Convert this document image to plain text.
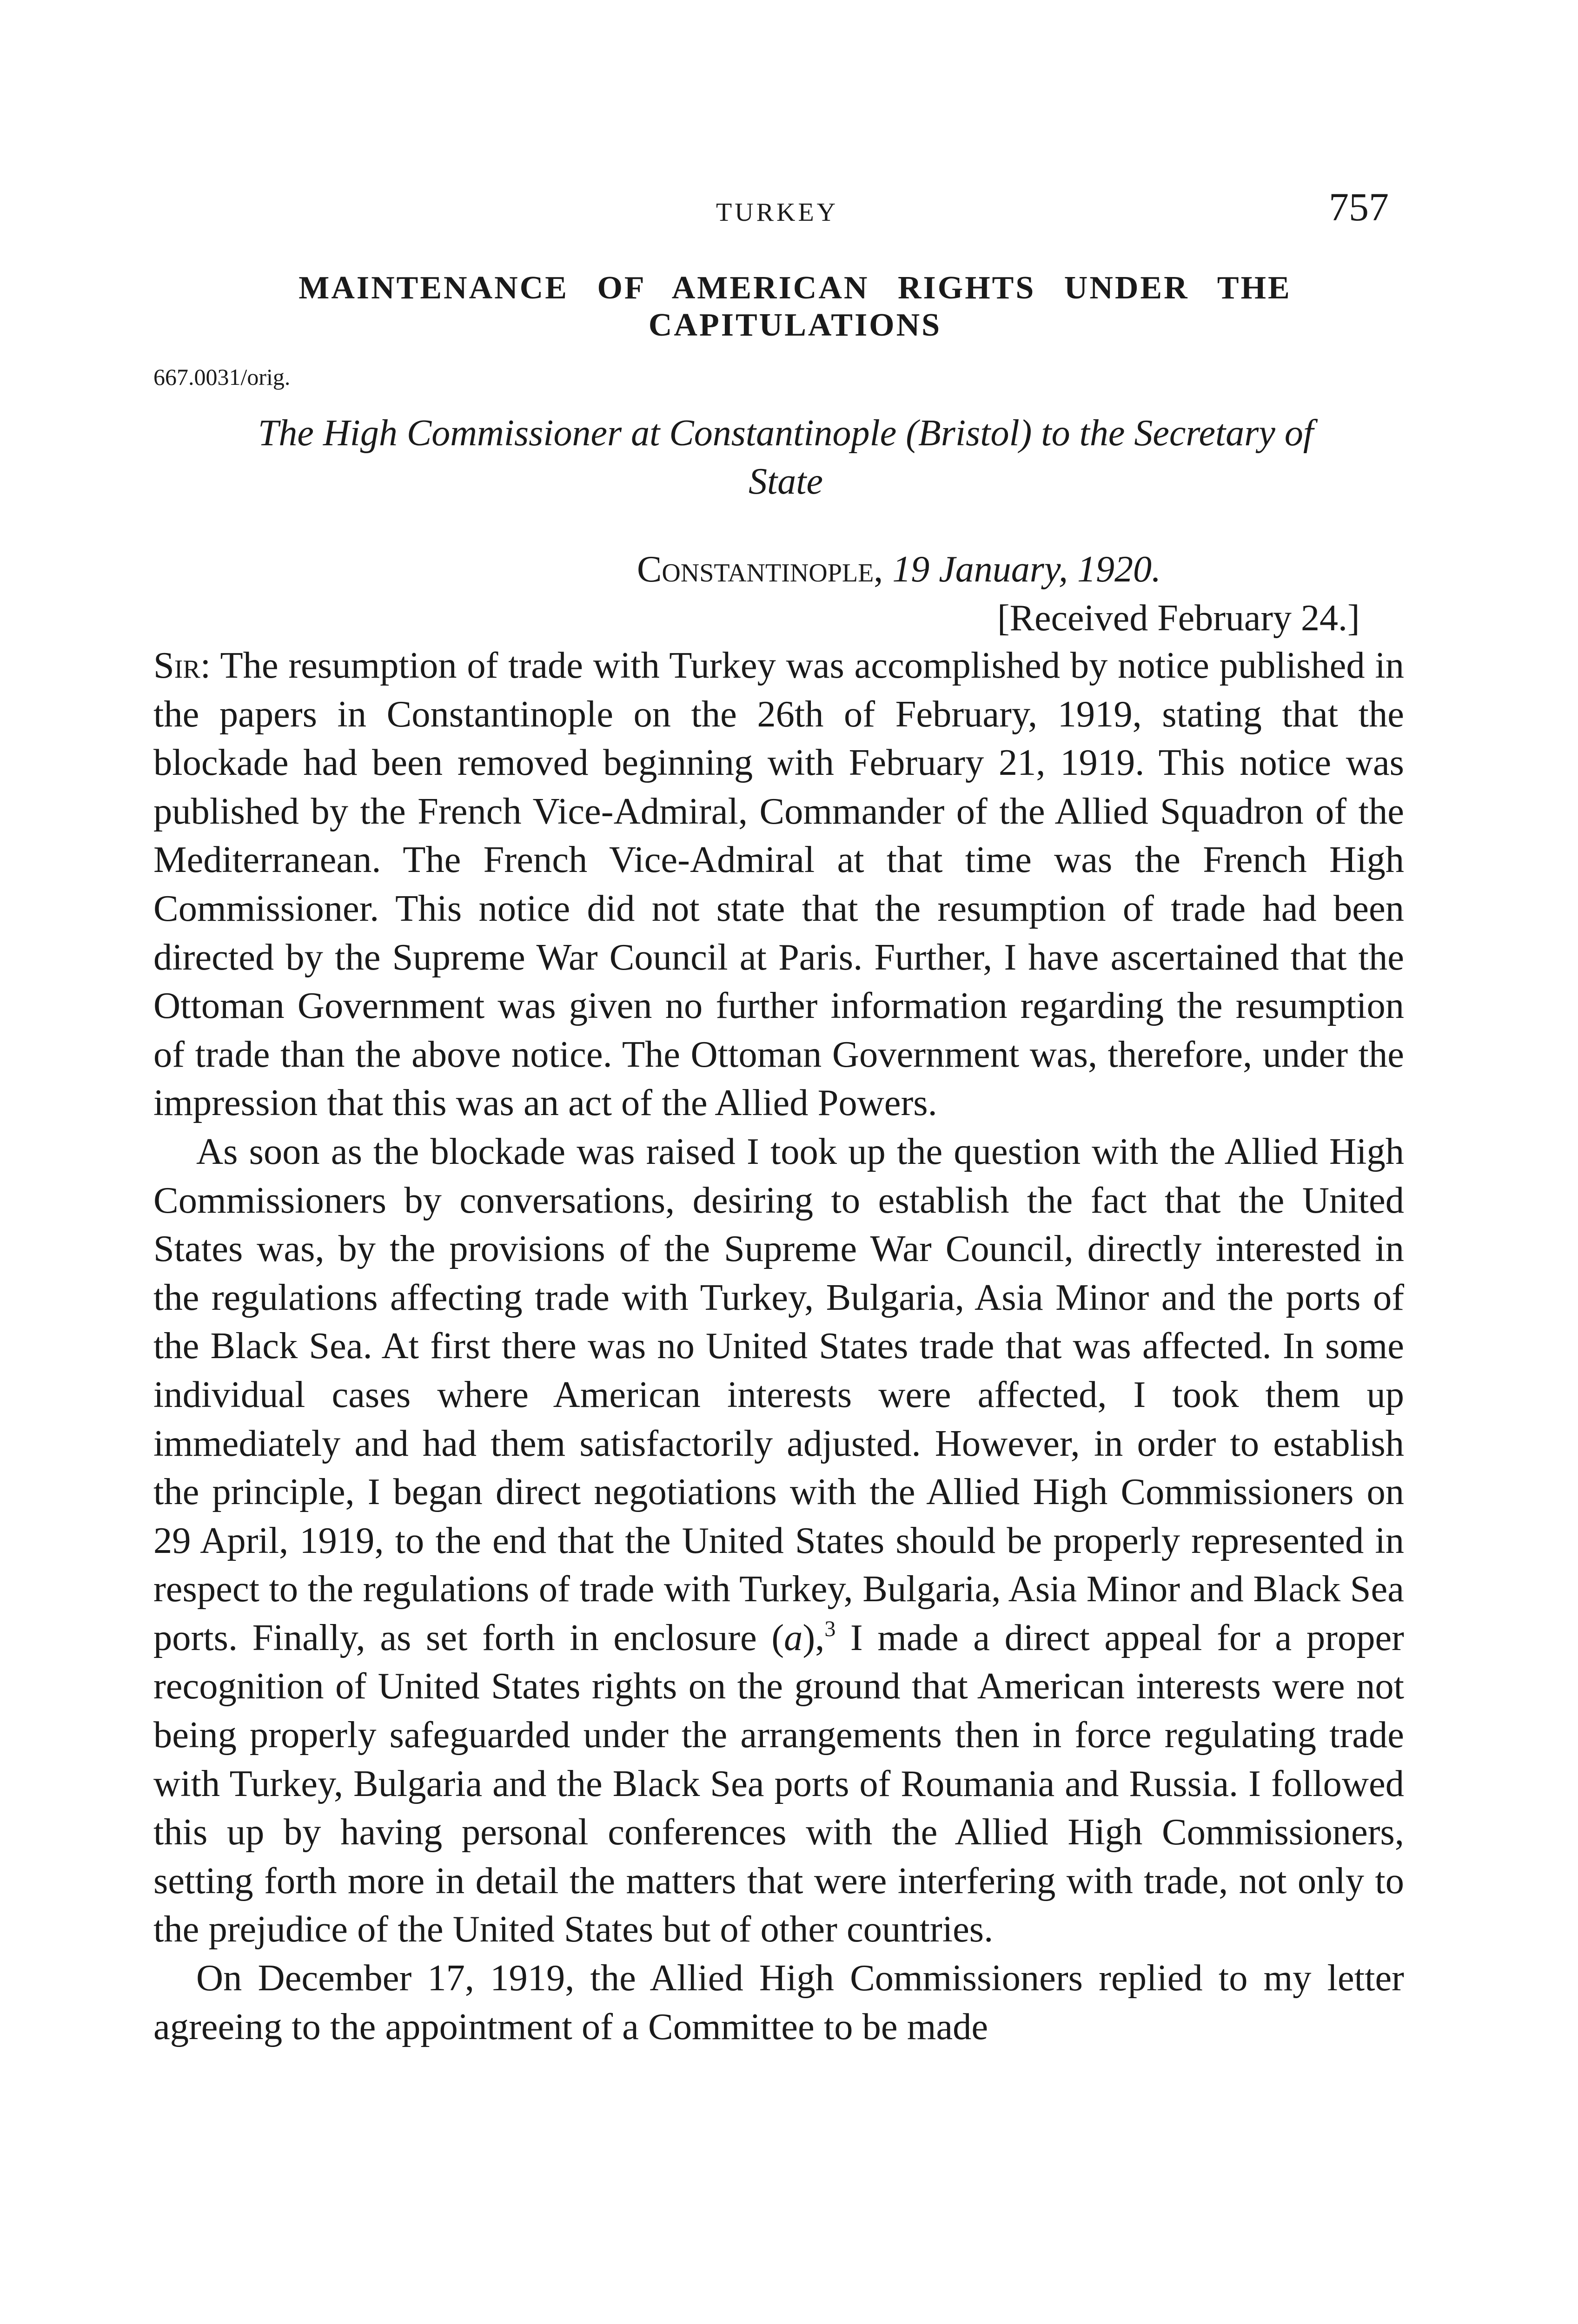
TURKEY	757
MAINTENANCE OF AMERICAN RIGHTS UNDER THE CAPITULATIONS
667.0031/orig.
The High Commissioner at Constantinople (Bristol) to the Secretary of State
Constantinople, 19 January, 1920.
[Received February 24.]

Sir: The resumption of trade with Turkey was accomplished by notice published in the papers in Constantinople on the 26th of February, 1919, stating that the blockade had been removed beginning with February 21, 1919. This notice was published by the French Vice-Admiral, Commander of the Allied Squadron of the Mediterranean. The French Vice-Admiral at that time was the French High Commissioner. This notice did not state that the resumption of trade had been directed by the Supreme War Council at Paris. Further, I have ascertained that the Ottoman Government was given no further information regarding the resumption of trade than the above notice. The Ottoman Government was, therefore, under the impression that this was an act of the Allied Powers.

As soon as the blockade was raised I took up the question with the Allied High Commissioners by conversations, desiring to establish the fact that the United States was, by the provisions of the Supreme War Council, directly interested in the regulations affecting trade with Turkey, Bulgaria, Asia Minor and the ports of the Black Sea. At first there was no United States trade that was affected. In some individual cases where American interests were affected, I took them up immediately and had them satisfactorily adjusted. However, in order to establish the principle, I began direct negotiations with the Allied High Commissioners on 29 April, 1919, to the end that the United States should be properly represented in respect to the regulations of trade with Turkey, Bulgaria, Asia Minor and Black Sea ports. Finally, as set forth in enclosure (a),$^3$ I made a direct appeal for a proper recognition of United States rights on the ground that American interests were not being properly safeguarded under the arrangements then in force regulating trade with Turkey, Bulgaria and the Black Sea ports of Roumania and Russia. I followed this up by having personal conferences with the Allied High Commissioners, setting forth more in detail the matters that were interfering with trade, not only to the prejudice of the United States but of other countries.

On December 17, 1919, the Allied High Commissioners replied to my letter agreeing to the appointment of a Committee to be made
